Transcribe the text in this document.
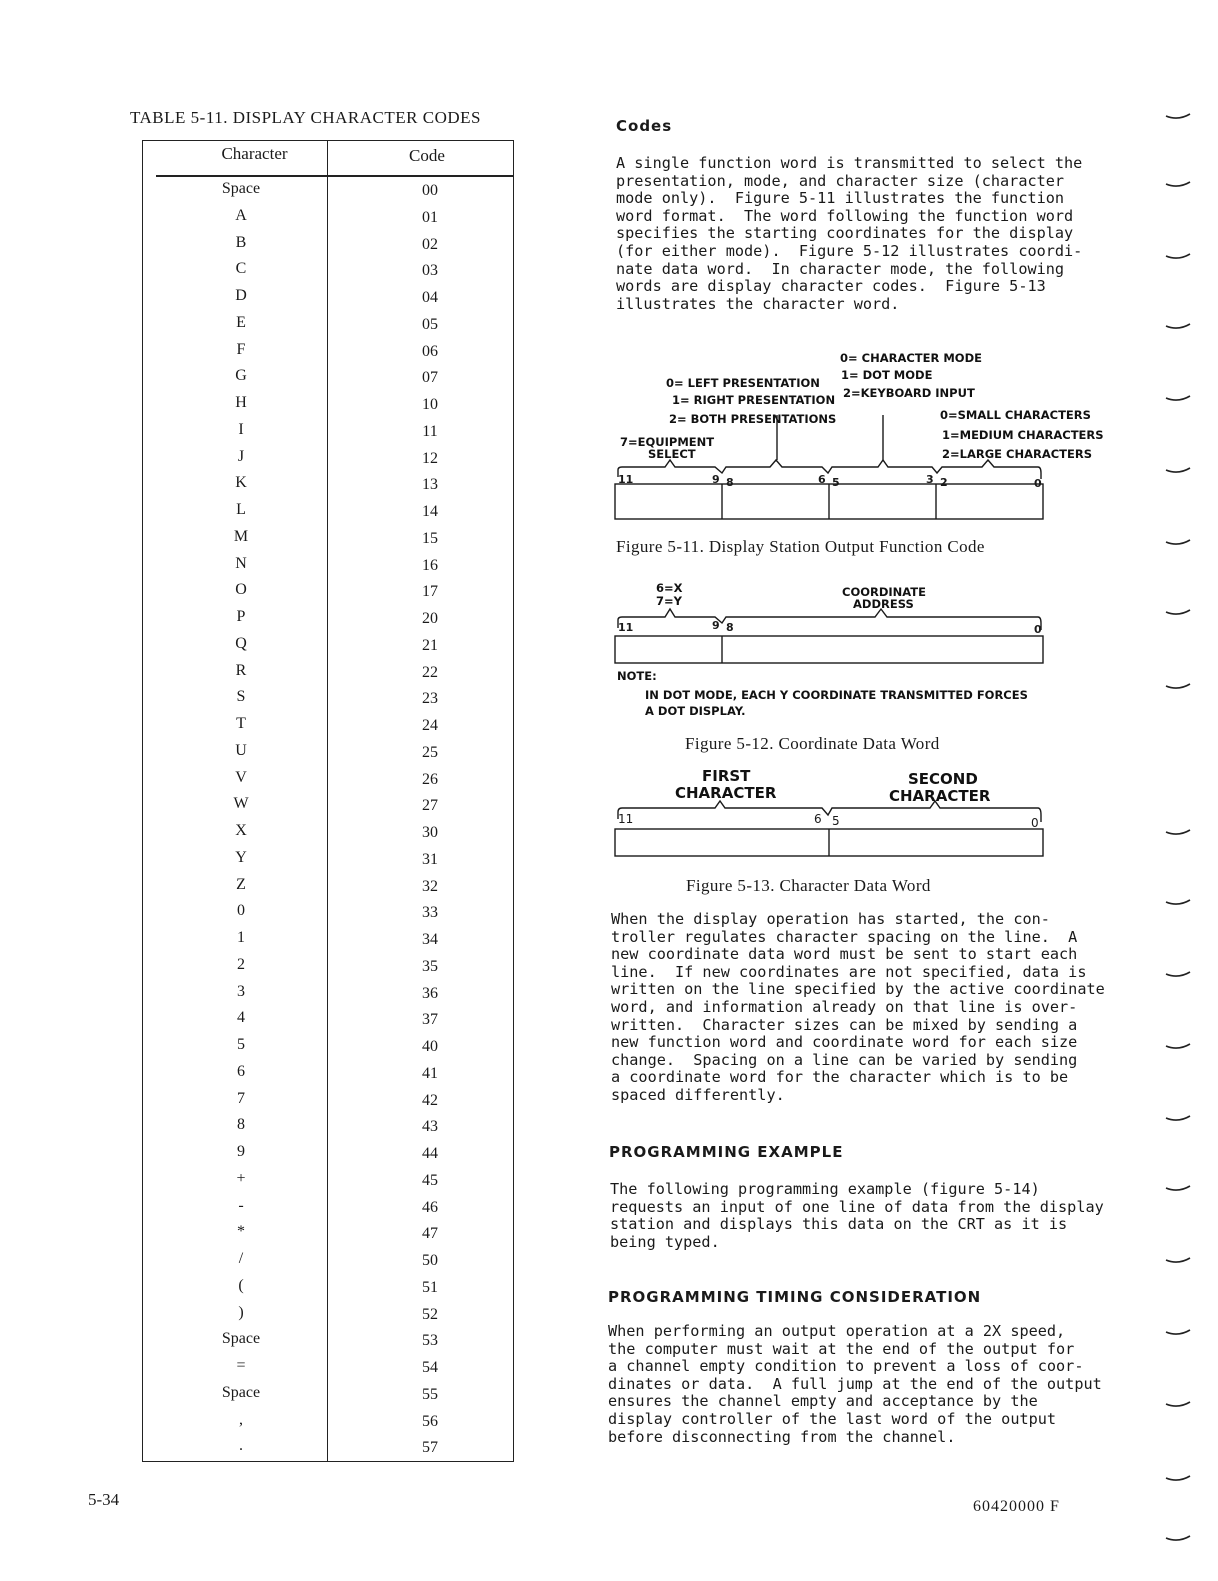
TABLE 5-11. DISPLAY CHARACTER CODES
Character	Code
Space	00
A	01
B	02
C	03
D	04
E	05
F	06
G	07
H	10
I	11
J	12
K	13
L	14
M	15
N	16
O	17
P	20
Q	21
R	22
S	23
T	24
U	25
V	26
W	27
X	30
Y	31
Z	32
0	33
1	34
2	35
3	36
4	37
5	40
6	41
7	42
8	43
9	44
+	45
-	46
*	47
/	50
(	51
)	52
Space	53
=	54
Space	55
,	56
.	57
Codes
A single function word is transmitted to select the
presentation, mode, and character size (character
mode only).  Figure 5-11 illustrates the function
word format.  The word following the function word
specifies the starting coordinates for the display
(for either mode).  Figure 5-12 illustrates coordi-
nate data word.  In character mode, the following
words are display character codes.  Figure 5-13
illustrates the character word.
0= CHARACTER MODE
1= DOT MODE
2=KEYBOARD INPUT
0= LEFT PRESENTATION
1= RIGHT PRESENTATION
2= BOTH PRESENTATIONS	0=SMALL CHARACTERS
1=MEDIUM CHARACTERS
2=LARGE CHARACTERS
7=EQUIPMENT
SELECT
11	9 8	6 5	3 2	0
Figure 5-11. Display Station Output Function Code
6=X
7=Y
COORDINATE
ADDRESS
11	9 8	0
NOTE:
IN DOT MODE, EACH Y COORDINATE TRANSMITTED FORCES
A DOT DISPLAY.
Figure 5-12. Coordinate Data Word
FIRST
CHARACTER
SECOND
CHARACTER
11	6 5	0
Figure 5-13. Character Data Word
When the display operation has started, the con-
troller regulates character spacing on the line.  A
new coordinate data word must be sent to start each
line.  If new coordinates are not specified, data is
written on the line specified by the active coordinate
word, and information already on that line is over-
written.  Character sizes can be mixed by sending a
new function word and coordinate word for each size
change.  Spacing on a line can be varied by sending
a coordinate word for the character which is to be
spaced differently.
PROGRAMMING EXAMPLE
The following programming example (figure 5-14)
requests an input of one line of data from the display
station and displays this data on the CRT as it is
being typed.
PROGRAMMING TIMING CONSIDERATION
When performing an output operation at a 2X speed,
the computer must wait at the end of the output for
a channel empty condition to prevent a loss of coor-
dinates or data.  A full jump at the end of the output
ensures the channel empty and acceptance by the
display controller of the last word of the output
before disconnecting from the channel.
5-34	60420000 F
